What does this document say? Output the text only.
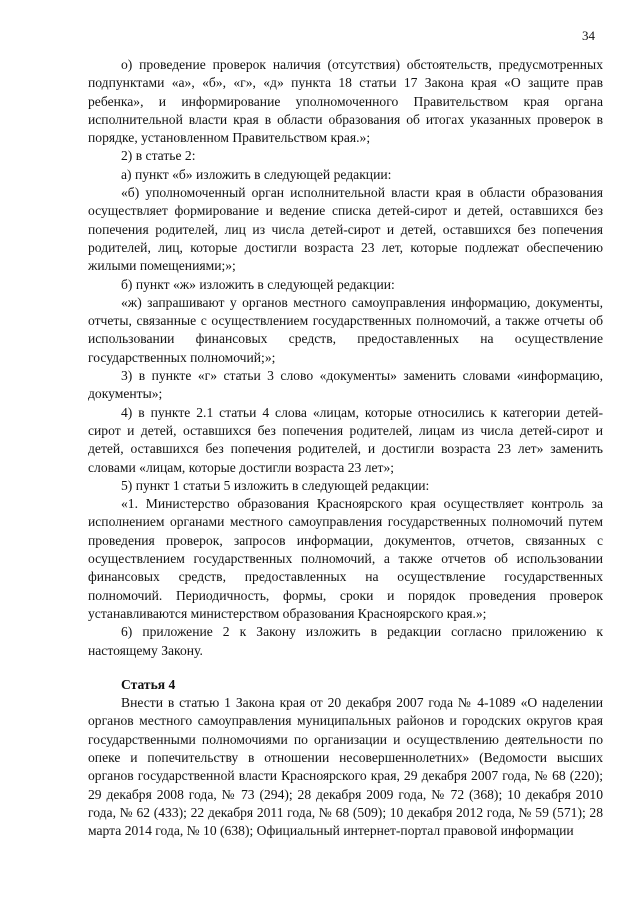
34

о) проведение проверок наличия (отсутствия) обстоятельств, предусмотренных подпунктами «а», «б», «г», «д» пункта 18 статьи 17 Закона края «О защите прав ребенка», и информирование уполномоченного Правительством края органа исполнительной власти края в области образования об итогах указанных проверок в порядке, установленном Правительством края.»;

2) в статье 2:

а) пункт «б» изложить в следующей редакции:

«б) уполномоченный орган исполнительной власти края в области образования осуществляет формирование и ведение списка детей-сирот и детей, оставшихся без попечения родителей, лиц из числа детей-сирот и детей, оставшихся без попечения родителей, лиц, которые достигли возраста 23 лет, которые подлежат обеспечению жилыми помещениями;»;

б) пункт «ж» изложить в следующей редакции:

«ж) запрашивают у органов местного самоуправления информацию, документы, отчеты, связанные с осуществлением государственных полномочий, а также отчеты об использовании финансовых средств, предоставленных на осуществление государственных полномочий;»;

3) в пункте «г» статьи 3 слово «документы» заменить словами «информацию, документы»;

4) в пункте 2.1 статьи 4 слова «лицам, которые относились к категории детей-сирот и детей, оставшихся без попечения родителей, лицам из числа детей-сирот и детей, оставшихся без попечения родителей, и достигли возраста 23 лет» заменить словами «лицам, которые достигли возраста 23 лет»;

5) пункт 1 статьи 5 изложить в следующей редакции:

«1. Министерство образования Красноярского края осуществляет контроль за исполнением органами местного самоуправления государственных полномочий путем проведения проверок, запросов информации, документов, отчетов, связанных с осуществлением государственных полномочий, а также отчетов об использовании финансовых средств, предоставленных на осуществление государственных полномочий. Периодичность, формы, сроки и порядок проведения проверок устанавливаются министерством образования Красноярского края.»;

6) приложение 2 к Закону изложить в редакции согласно приложению к настоящему Закону.

Статья 4

Внести в статью 1 Закона края от 20 декабря 2007 года № 4-1089 «О наделении органов местного самоуправления муниципальных районов и городских округов края государственными полномочиями по организации и осуществлению деятельности по опеке и попечительству в отношении несовершеннолетних» (Ведомости высших органов государственной власти Красноярского края, 29 декабря 2007 года, № 68 (220); 29 декабря 2008 года, № 73 (294); 28 декабря 2009 года, № 72 (368); 10 декабря 2010 года, № 62 (433); 22 декабря 2011 года, № 68 (509); 10 декабря 2012 года, № 59 (571); 28 марта 2014 года, № 10 (638); Официальный интернет-портал правовой информации
